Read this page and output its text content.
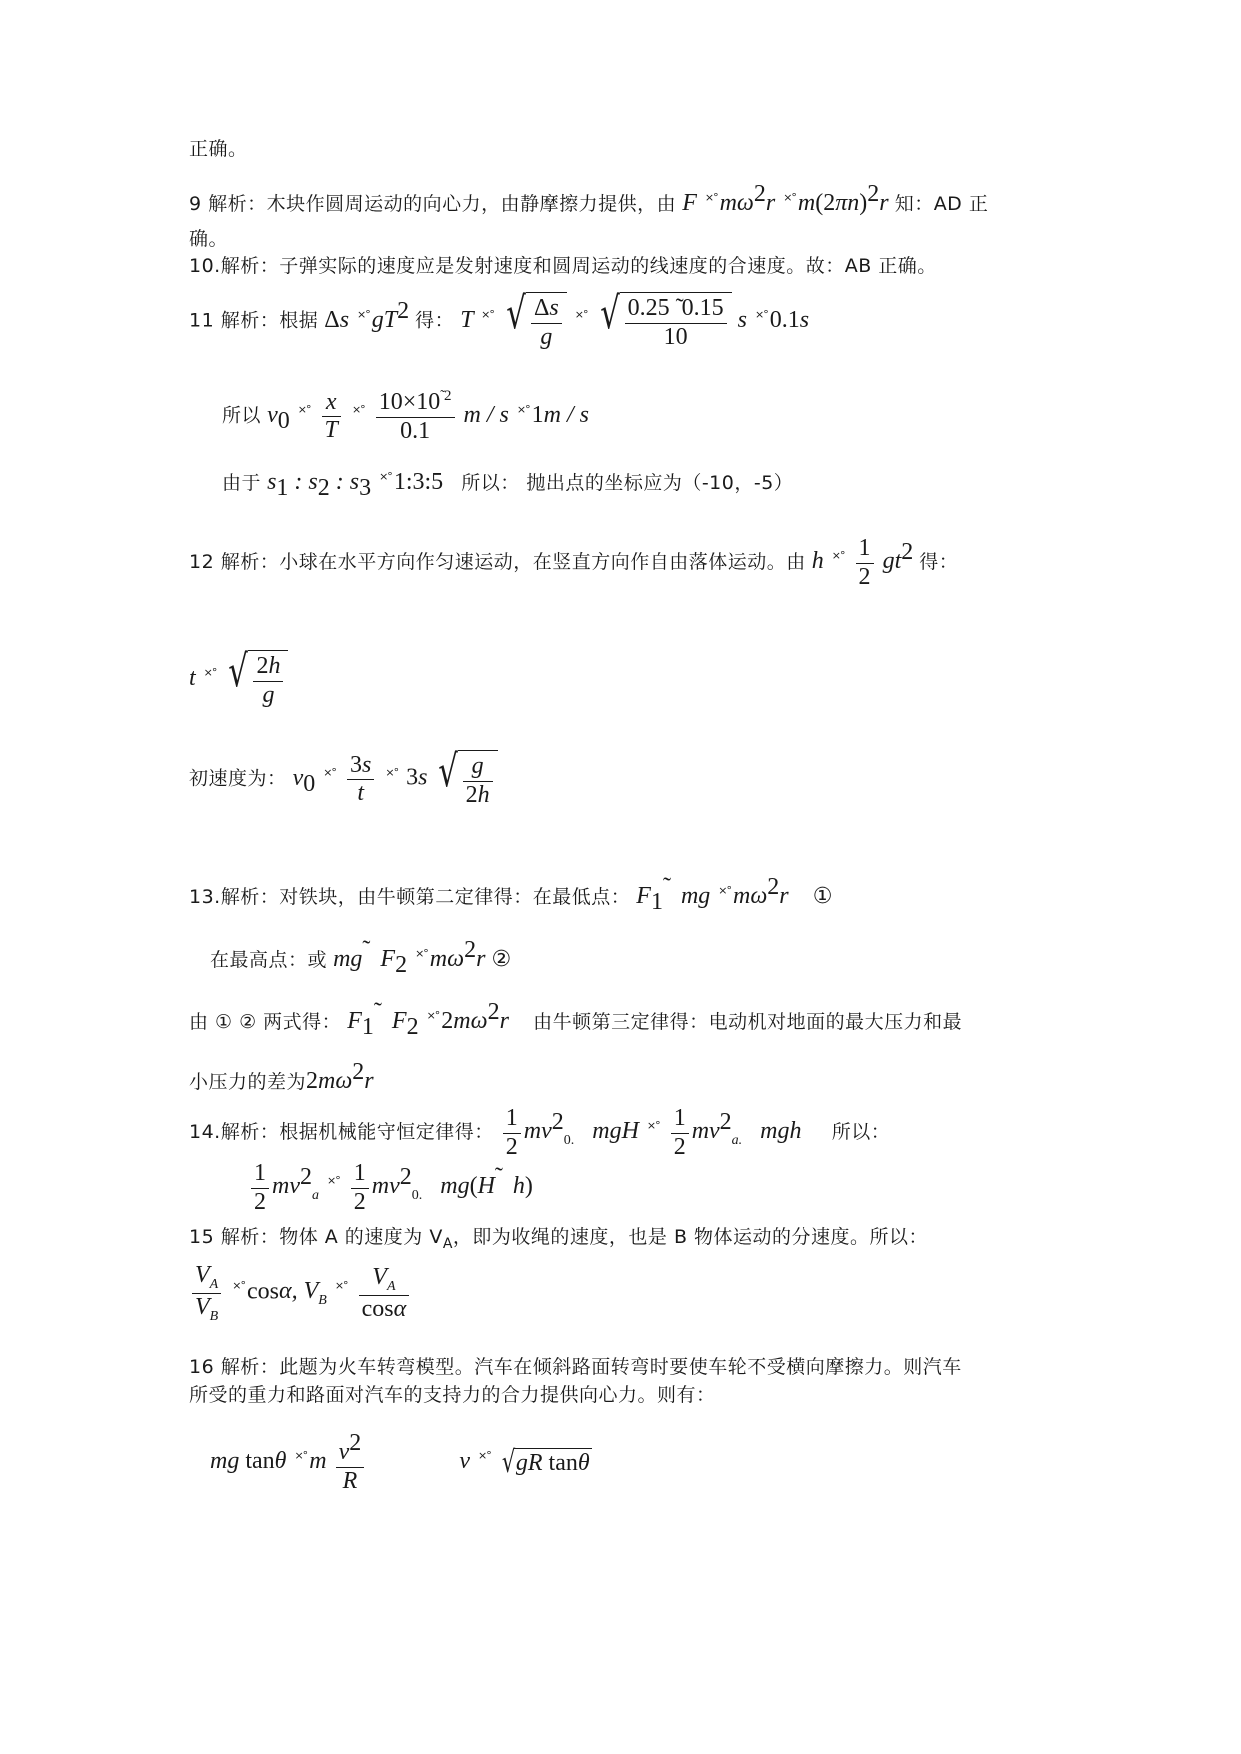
正确。
9 解析：木块作圆周运动的向心力，由静摩擦力提供，由 F $^{\times^\circ}m\omega^2r$ $^{\times^\circ}m(2\pi n)^2r$ 知：AD 正
确。
10.解析：子弹实际的速度应是发射速度和圆周运动的线速度的合速度。故：AB 正确。
11 解析：根据 Δs $^{\times^\circ}gT^2$ 得： T ×° √ $\frac{\Delta s}{g} ^{\times^\circ}$ √ $\frac{0.25 ̃ 0.15}{10}$ s ×°0.1s
所以 $v_0$ $^{\times^\circ} \frac{x}{T} ^{\times^\circ} \frac{10\times 10^{̃ 2}}{0.1}$ m / s ×°1m / s
由于 $s_1$ : $s_2$ : $s_3$ ×°1:3:5 所以： 抛出点的坐标应为（-10，-5）
12 解析：小球在水平方向作匀速运动，在竖直方向作自由落体运动。由 h $^{\times^\circ} \frac{1}{2} gt^2$ 得：
t ×° √ $\frac{2h}{g}$
初速度为： $v_0$ $^{\times^\circ} \frac{3s}{t} ^{\times^\circ}$ 3s √ $\frac{g}{2h}$
13.解析：对铁块，由牛顿第二定律得：在最低点： $F_1$   mg $^{\times^\circ}m\omega^2r$ ①
在最高点：或 mg   $F_2$ $^{\times^\circ}m\omega^2r$ ②
由 ① ② 两式得： $F_1$   $F_2$ $^{\times^\circ}2m\omega^2r$ 由牛顿第三定律得：电动机对地面的最大压力和最
小压力的差为$2m\omega^2r$
14.解析：根据机械能守恒定律得： $\frac{1}{2} mv^2_{0.}$   mgH $^{\times^\circ} \frac{1}{2} mv^2_{a.}$   mgh 所以：
$\frac{1}{2} mv^2_a$ $^{\times^\circ} \frac{1}{2} mv^2_{0.}$   mg(H   h)
15 解析：物体 A 的速度为 $V_A$，即为收绳的速度，也是 B 物体运动的分速度。所以：
$\frac{V_A}{V_B} ^{\times^\circ}\cos\alpha$, $V_B$ $^{\times^\circ} \frac{V_A}{\cos\alpha}$
16 解析：此题为火车转弯模型。汽车在倾斜路面转弯时要使车轮不受横向摩擦力。则汽车
所受的重力和路面对汽车的支持力的合力提供向心力。则有：
mg tanθ $^{\times^\circ}m \frac{v^2}{R}$	v ×° √ gR tanθ
